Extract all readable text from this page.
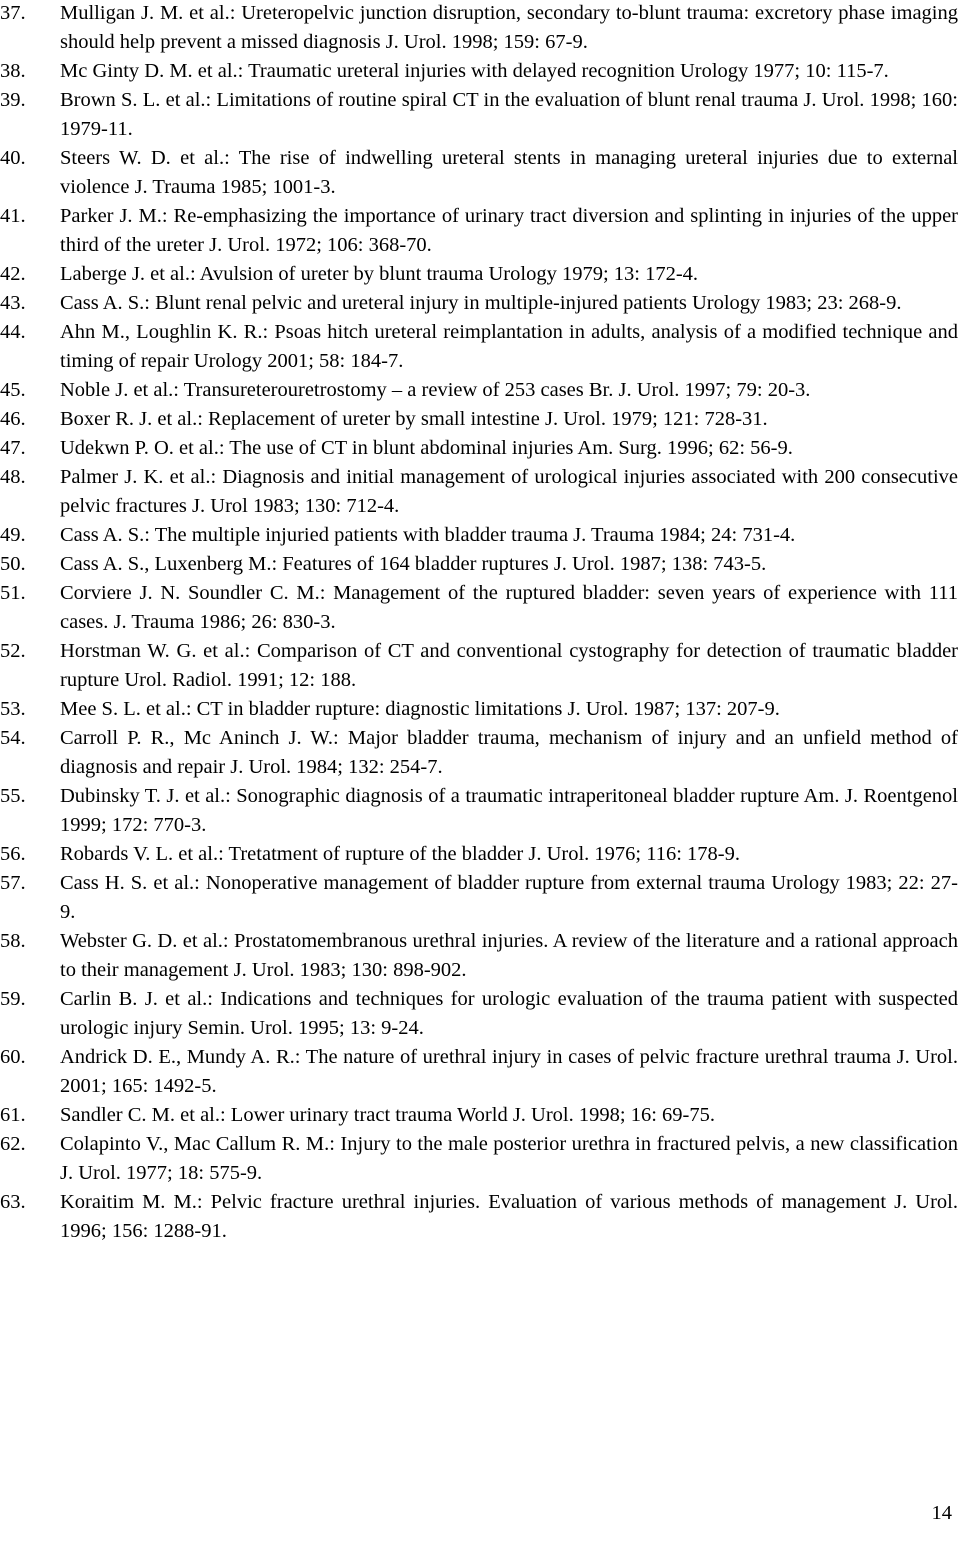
37.	Mulligan J. M. et al.: Ureteropelvic junction disruption, secondary to-blunt trauma: excretory phase imaging should help prevent a missed diagnosis J. Urol. 1998; 159: 67-9.
38.	Mc Ginty D. M. et al.: Traumatic ureteral injuries with delayed recognition Urology 1977; 10: 115-7.
39.	Brown S. L. et al.: Limitations of routine spiral CT in the evaluation of blunt renal trauma J. Urol. 1998; 160: 1979-11.
40.	Steers W. D. et al.: The rise of indwelling ureteral stents in managing ureteral injuries due to external violence J. Trauma 1985; 1001-3.
41.	Parker J. M.: Re-emphasizing the importance of urinary tract diversion and splinting in injuries of the upper third of the ureter J. Urol. 1972; 106: 368-70.
42.	Laberge J. et al.: Avulsion of ureter by blunt trauma Urology 1979; 13: 172-4.
43.	Cass A. S.: Blunt renal pelvic and ureteral injury in multiple-injured patients Urology 1983; 23: 268-9.
44.	Ahn M., Loughlin K. R.: Psoas hitch ureteral reimplantation in adults, analysis of a modified technique and timing of repair Urology 2001; 58: 184-7.
45.	Noble J. et al.: Transureterouretrostomy – a review of 253 cases Br. J. Urol. 1997; 79: 20-3.
46.	Boxer R. J. et al.: Replacement of ureter by small intestine J. Urol. 1979; 121: 728-31.
47.	Udekwn P. O. et al.: The use of CT in blunt abdominal injuries Am. Surg. 1996; 62: 56-9.
48.	Palmer J. K. et al.: Diagnosis and initial management of urological injuries associated with 200 consecutive pelvic fractures J. Urol 1983; 130: 712-4.
49.	Cass A. S.: The multiple injuried patients with bladder trauma J. Trauma 1984; 24: 731-4.
50.	Cass A. S., Luxenberg M.: Features of 164 bladder ruptures J. Urol. 1987; 138: 743-5.
51.	Corviere J. N. Soundler C. M.: Management of the ruptured bladder: seven years of experience with 111 cases. J. Trauma 1986; 26: 830-3.
52.	Horstman W. G. et al.: Comparison of CT and conventional cystography for detection of traumatic bladder rupture Urol. Radiol. 1991; 12: 188.
53.	Mee S. L. et al.: CT in bladder rupture: diagnostic limitations J. Urol. 1987; 137: 207-9.
54.	Carroll P. R., Mc Aninch J. W.: Major bladder trauma, mechanism of injury and an unfield method of diagnosis and repair J. Urol. 1984; 132: 254-7.
55.	Dubinsky T. J. et al.: Sonographic diagnosis of a traumatic intraperitoneal bladder rupture Am. J. Roentgenol 1999; 172: 770-3.
56.	Robards V. L. et al.: Tretatment of rupture of the bladder J. Urol. 1976; 116: 178-9.
57.	Cass H. S. et al.: Nonoperative management of bladder rupture from external trauma Urology 1983; 22: 27-9.
58.	Webster G. D. et al.: Prostatomembranous urethral injuries. A review of the literature and a rational approach to their management J. Urol. 1983; 130: 898-902.
59.	Carlin B. J. et al.: Indications and techniques for urologic evaluation of the trauma patient with suspected urologic injury Semin. Urol. 1995; 13: 9-24.
60.	Andrick D. E., Mundy A. R.: The nature of urethral injury in cases of pelvic fracture urethral trauma J. Urol. 2001; 165: 1492-5.
61.	Sandler C. M. et al.: Lower urinary tract trauma World J. Urol. 1998; 16: 69-75.
62.	Colapinto V., Mac Callum R. M.: Injury to the male posterior urethra in fractured pelvis, a new classification J. Urol. 1977; 18: 575-9.
63.	Koraitim M. M.: Pelvic fracture urethral injuries. Evaluation of various methods of management J. Urol. 1996; 156: 1288-91.
14
